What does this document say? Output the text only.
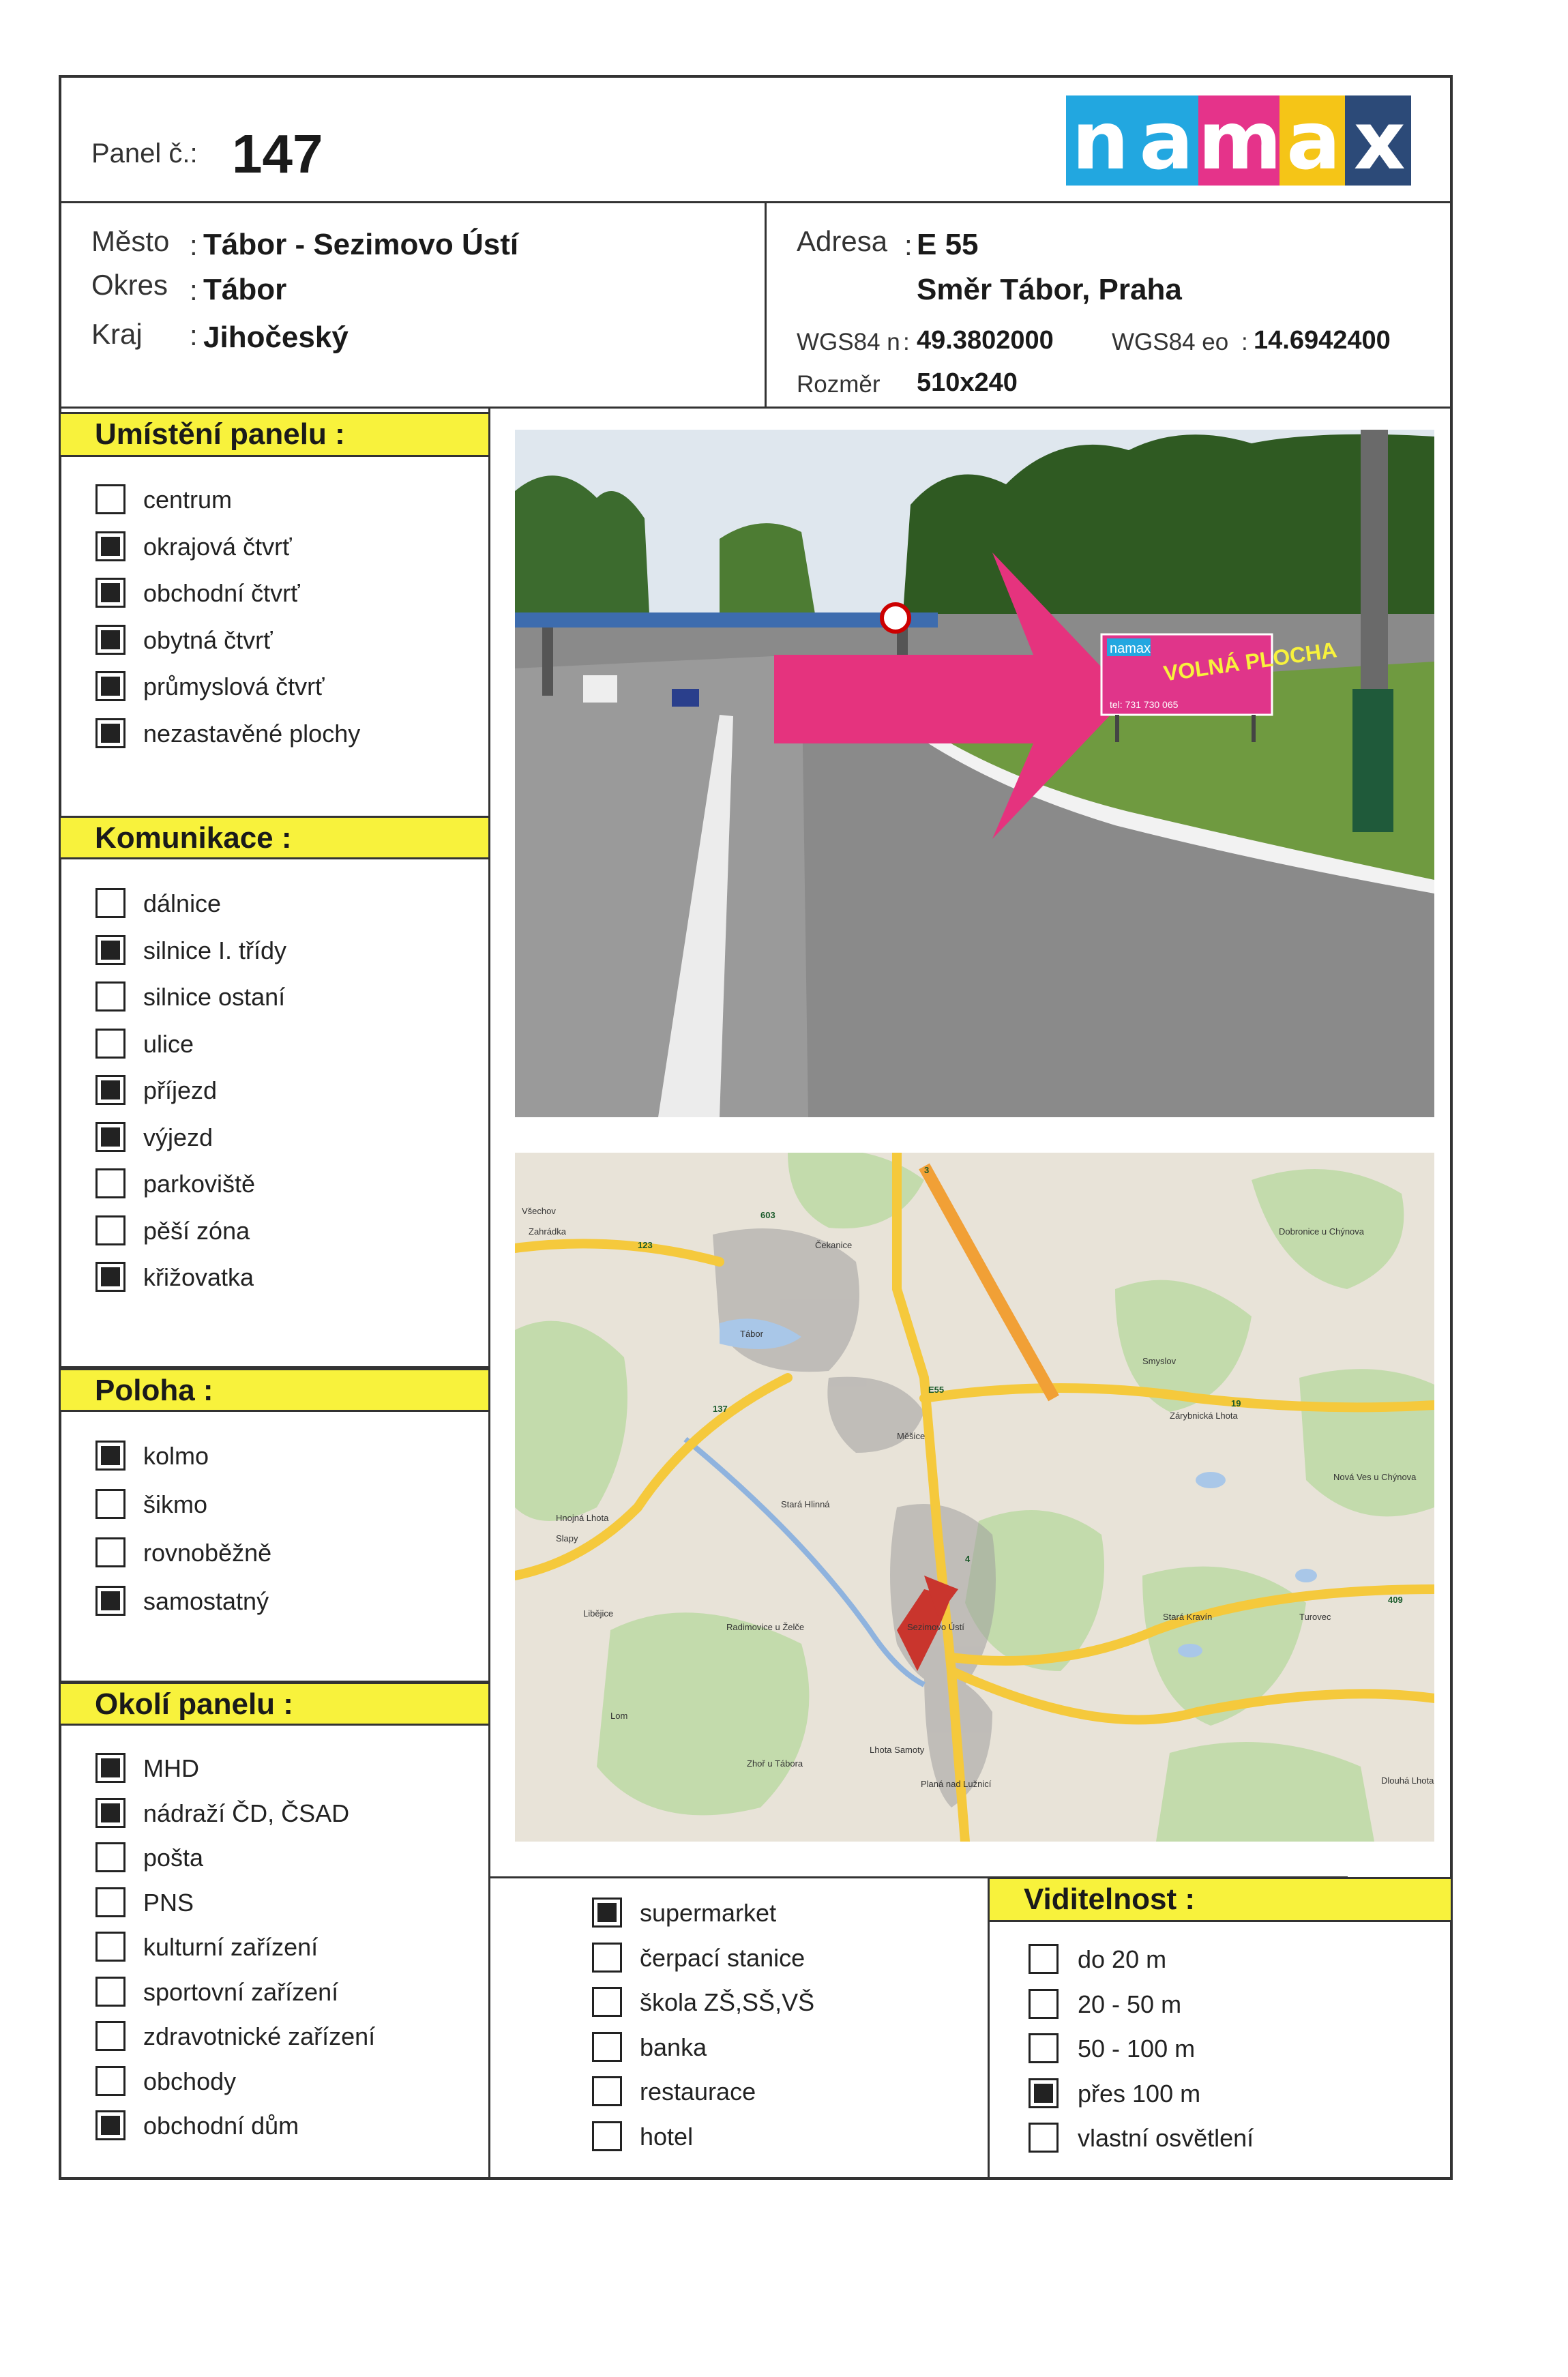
Panel č.: 147	n a m a x
Město : Tábor - Sezimovo Ústí
Okres : Tábor
Kraj : Jihočeský
Adresa : E 55
Směr Tábor, Praha
WGS84 n : 49.3802000 WGS84 eo : 14.6942400
Rozměr 510x240
Umístění panelu :
centrum
okrajová čtvrť
obchodní čtvrť
obytná čtvrť
průmyslová čtvrť
nezastavěné plochy
Komunikace :
dálnice
silnice I. třídy
silnice ostaní
ulice
příjezd
výjezd
parkoviště
pěší zóna
křižovatka
Poloha :
kolmo
šikmo
rovnoběžně
samostatný
Okolí panelu :
MHD
nádraží ČD, ČSAD
pošta
PNS
kulturní zařízení
sportovní zařízení
zdravotnické zařízení
obchody
obchodní dům
supermarket
čerpací stanice
škola ZŠ,SŠ,VŠ
banka
restaurace
hotel
Viditelnost :
do 20 m
20 - 50 m
50 - 100 m
přes 100 m
vlastní osvětlení
namax VOLNÁ PLOCHA
tel: 731 730 065
Tábor
Čekanice
Měšice
Zahrádka
Všechov
Stará Hlinná
Hnojná Lhota
Smyslov
Dobronice u Chýnova
Zárybnická Lhota
Nová Ves u Chýnova
Slapy
Libějice
Radimovice u Želče	Sezimovo Ústí
Lom
Lhota Samoty
Zhoř u Tábora
Planá nad Lužnicí
Turovec
Dlouhá Lhota
Stará Kravín
E55
3
19
603
137
123
409
4
